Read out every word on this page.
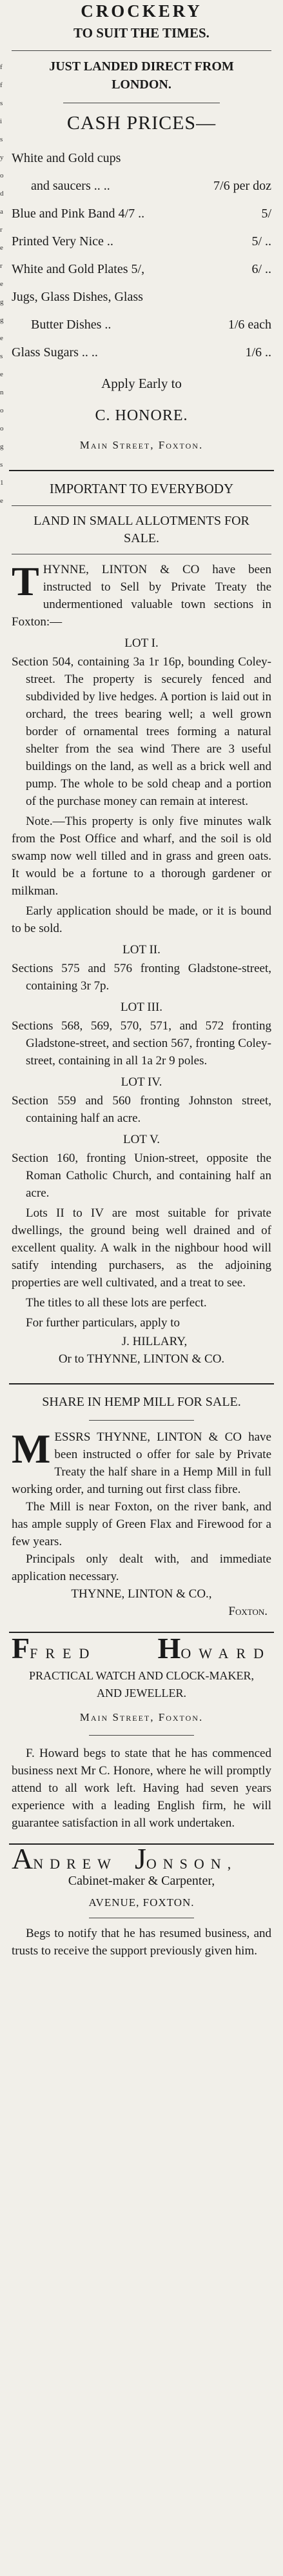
f
f
s
i
s
y
o
d
a
r
e
r
e
g
g
e
s
e
n
o
o
g
s
1
e
CROCKERY
TO SUIT THE TIMES.
JUST LANDED DIRECT FROM LONDON.
CASH PRICES—
White and Gold cups
and saucers .. ..	7/6 per doz
Blue and Pink Band 4/7 ..	5/
Printed Very Nice ..	5/ ..
White and Gold Plates 5/,	6/ ..
Jugs, Glass Dishes, Glass
Butter Dishes ..	1/6 each
Glass Sugars .. ..	1/6 ..
Apply Early to
C. HONORE.
Main Street, Foxton.
IMPORTANT TO EVERYBODY
LAND IN SMALL ALLOTMENTS FOR SALE.

THYNNE, LINTON & CO have been instructed to Sell by Private Treaty the undermentioned valuable town sections in Foxton:—

LOT I.

Section 504, containing 3a 1r 16p, bounding Coley-street. The property is securely fenced and subdivided by live hedges. A portion is laid out in orchard, the trees bearing well; a well grown border of ornamental trees forming a natural shelter from the sea wind There are 3 useful buildings on the land, as well as a brick well and pump. The whole to be sold cheap and a portion of the purchase money can remain at interest.

Note.—This property is only five minutes walk from the Post Office and wharf, and the soil is old swamp now well tilled and in grass and green oats. It would be a fortune to a thorough gardener or milkman.

Early application should be made, or it is bound to be sold.

LOT II.

Sections 575 and 576 fronting Gladstone-street, containing 3r 7p.

LOT III.

Sections 568, 569, 570, 571, and 572 fronting Gladstone-street, and section 567, fronting Coley-street, containing in all 1a 2r 9 poles.

LOT IV.

Section 559 and 560 fronting Johnston street, containing half an acre.

LOT V.

Section 160, fronting Union-street, opposite the Roman Catholic Church, and containing half an acre.

Lots II to IV are most suitable for private dwellings, the ground being well drained and of excellent quality. A walk in the nighbour hood will satify intending purchasers, as the adjoining properties are well cultivated, and a treat to see.

The titles to all these lots are perfect.

For further particulars, apply to

J. HILLARY,
Or to THYNNE, LINTON & CO.
SHARE IN HEMP MILL FOR SALE.

MESSRS THYNNE, LINTON & CO have been instructed o offer for sale by Private Treaty the half share in a Hemp Mill in full working order, and turning out first class fibre.

The Mill is near Foxton, on the river bank, and has ample supply of Green Flax and Firewood for a few years.

Principals only dealt with, and immediate application necessary.

THYNNE, LINTON & CO.,
Foxton.
FFRED HOWARD
PRACTICAL WATCH AND CLOCK-MAKER, AND JEWELLER.
Main Street, Foxton.

F. Howard begs to state that he has commenced business next Mr C. Honore, where he will promptly attend to all work left. Having had seven years experience with a leading English firm, he will guarantee satisfaction in all work undertaken.

ANDREW JONSON,
Cabinet-maker & Carpenter,
AVENUE, FOXTON.

Begs to notify that he has resumed business, and trusts to receive the support previously given him.
